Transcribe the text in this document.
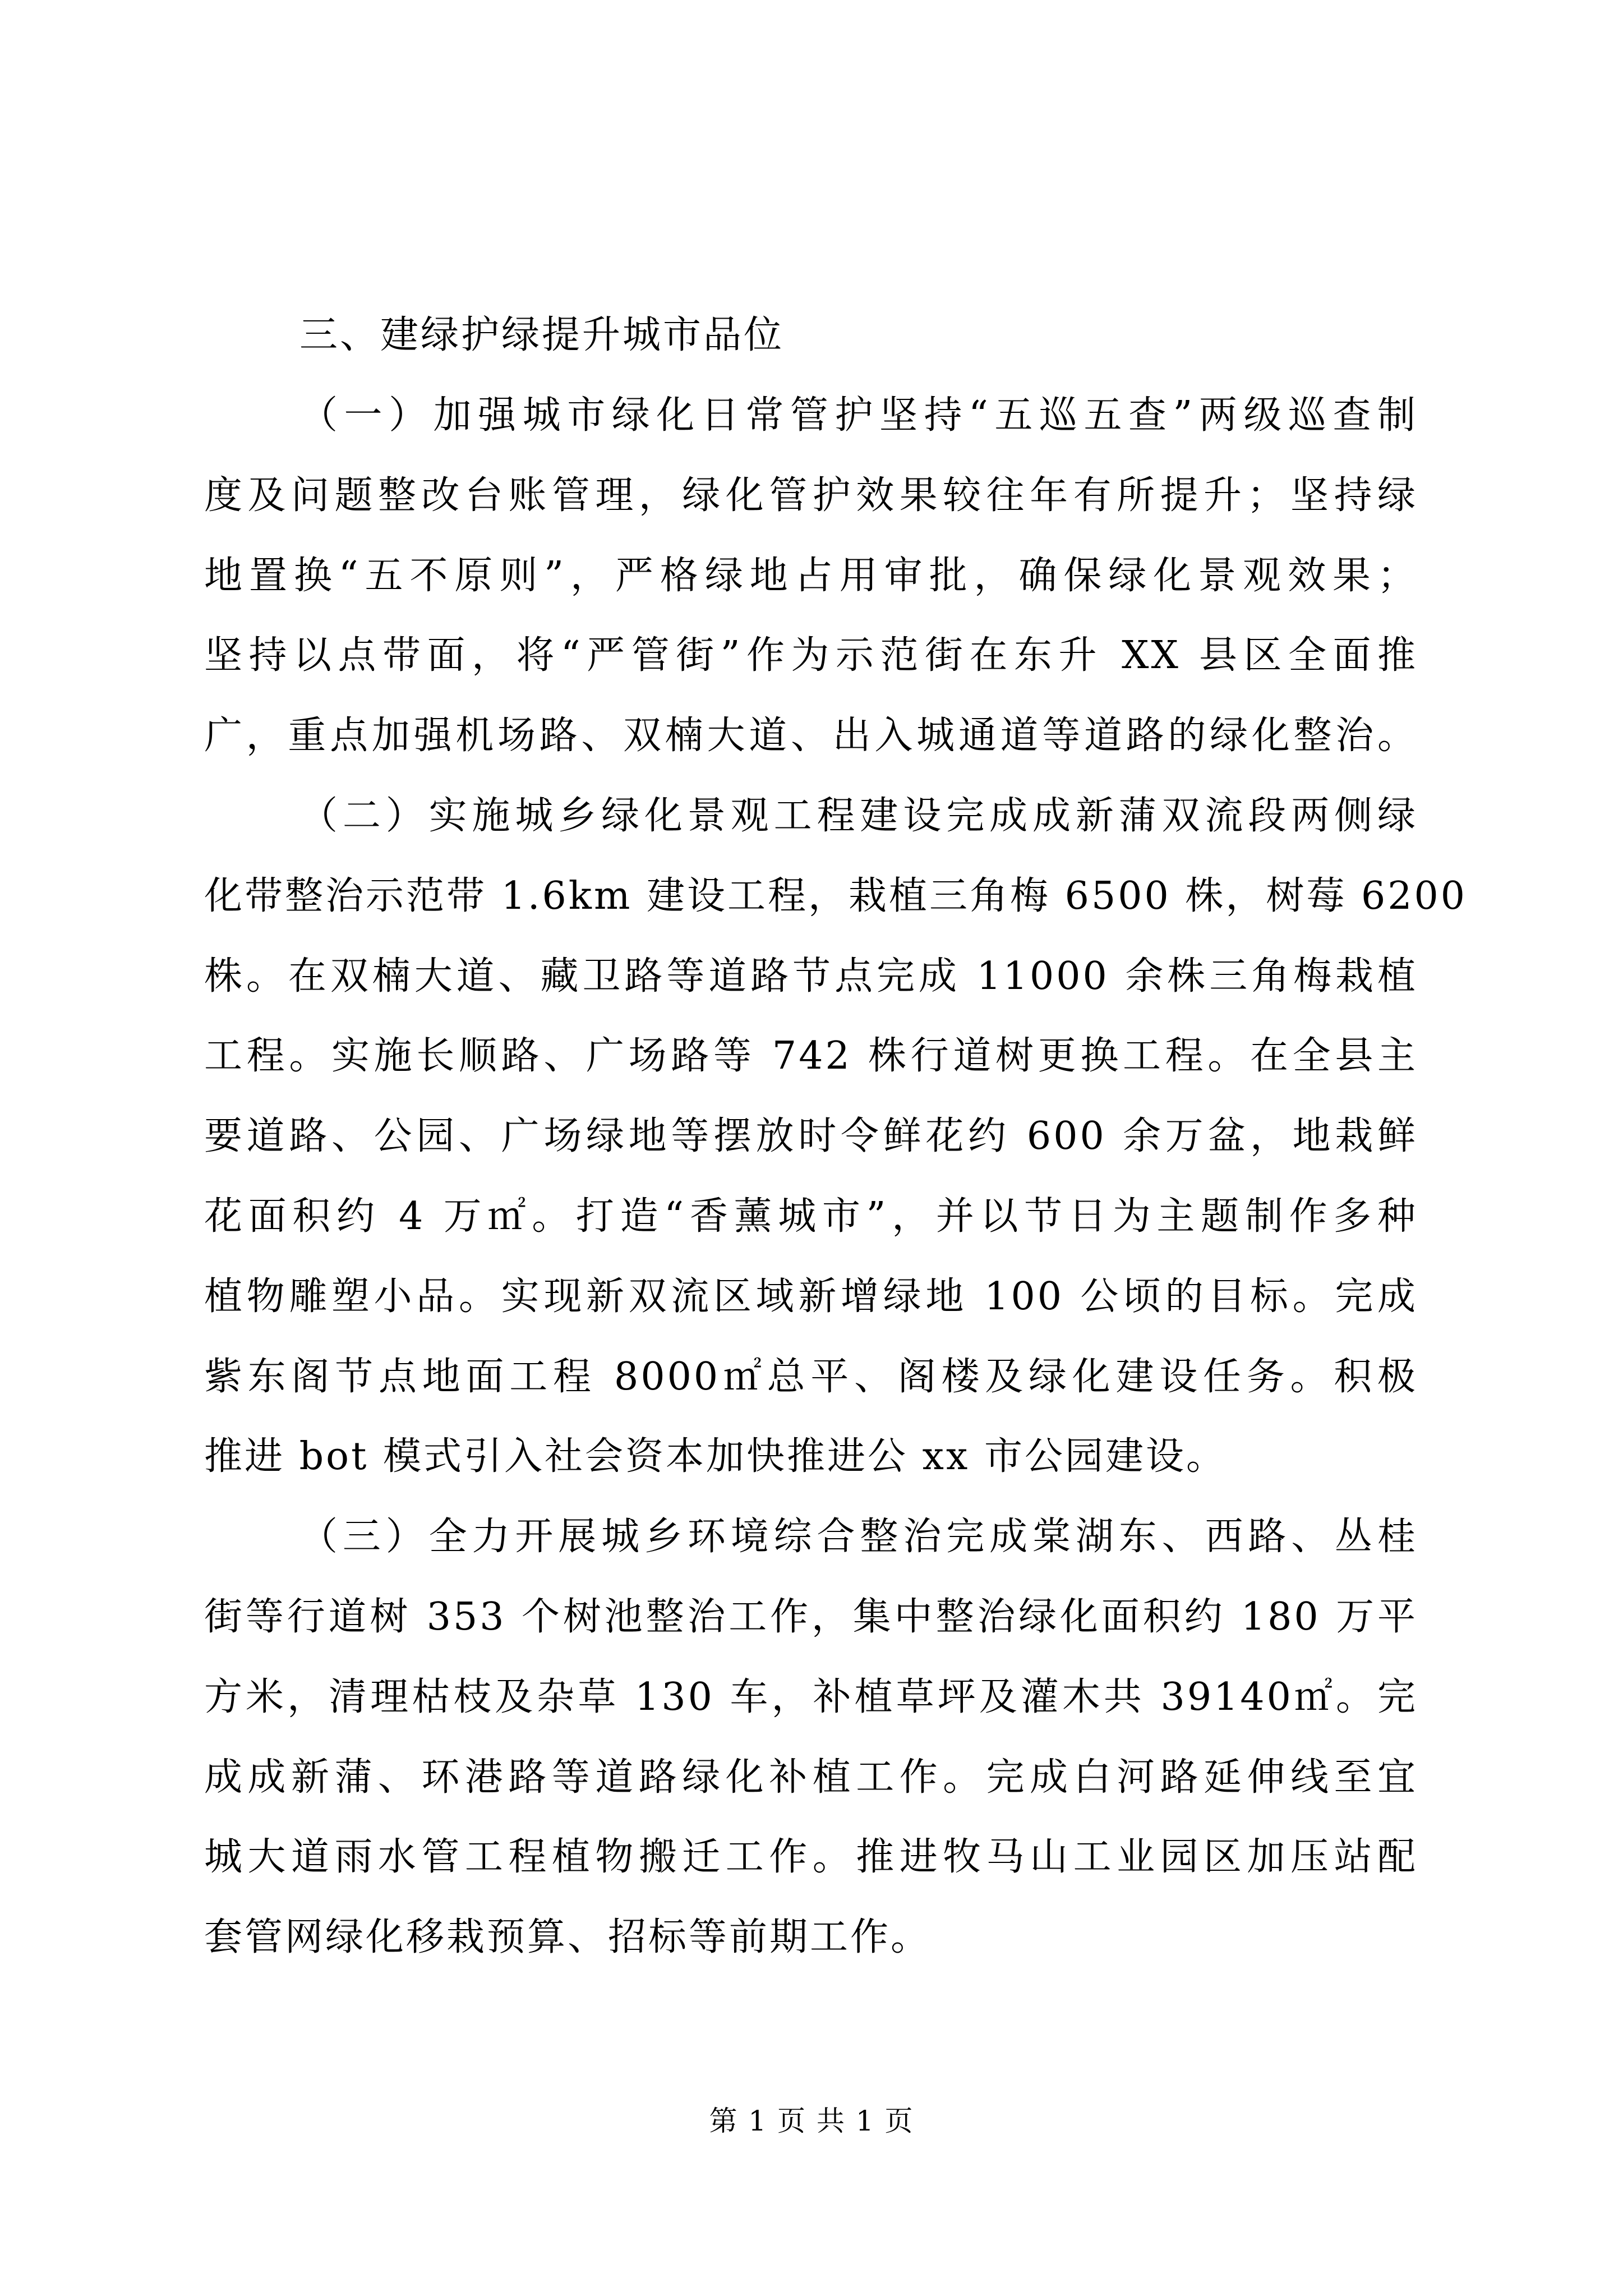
三、建绿护绿提升城市品位

（一）加强城市绿化日常管护坚持“五巡五查”两级巡查制

度及问题整改台账管理，绿化管护效果较往年有所提升；坚持绿

地置换“五不原则”，严格绿地占用审批，确保绿化景观效果；

坚持以点带面，将“严管街”作为示范街在东升 XX 县区全面推

广，重点加强机场路、双楠大道、出入城通道等道路的绿化整治。

（二）实施城乡绿化景观工程建设完成成新蒲双流段两侧绿

化带整治示范带 1.6km 建设工程，栽植三角梅 6500 株，树莓 6200

株。在双楠大道、藏卫路等道路节点完成 11000 余株三角梅栽植

工程。实施长顺路、广场路等 742 株行道树更换工程。在全县主

要道路、公园、广场绿地等摆放时令鲜花约 600 余万盆，地栽鲜

花面积约 4 万㎡。打造“香薰城市”，并以节日为主题制作多种

植物雕塑小品。实现新双流区域新增绿地 100 公顷的目标。完成

紫东阁节点地面工程 8000㎡总平、阁楼及绿化建设任务。积极

推进 bot 模式引入社会资本加快推进公 xx 市公园建设。

（三）全力开展城乡环境综合整治完成棠湖东、西路、丛桂

街等行道树 353 个树池整治工作，集中整治绿化面积约 180 万平

方米，清理枯枝及杂草 130 车，补植草坪及灌木共 39140㎡。完

成成新蒲、环港路等道路绿化补植工作。完成白河路延伸线至宜

城大道雨水管工程植物搬迁工作。推进牧马山工业园区加压站配

套管网绿化移栽预算、招标等前期工作。

第 1 页 共 1 页
